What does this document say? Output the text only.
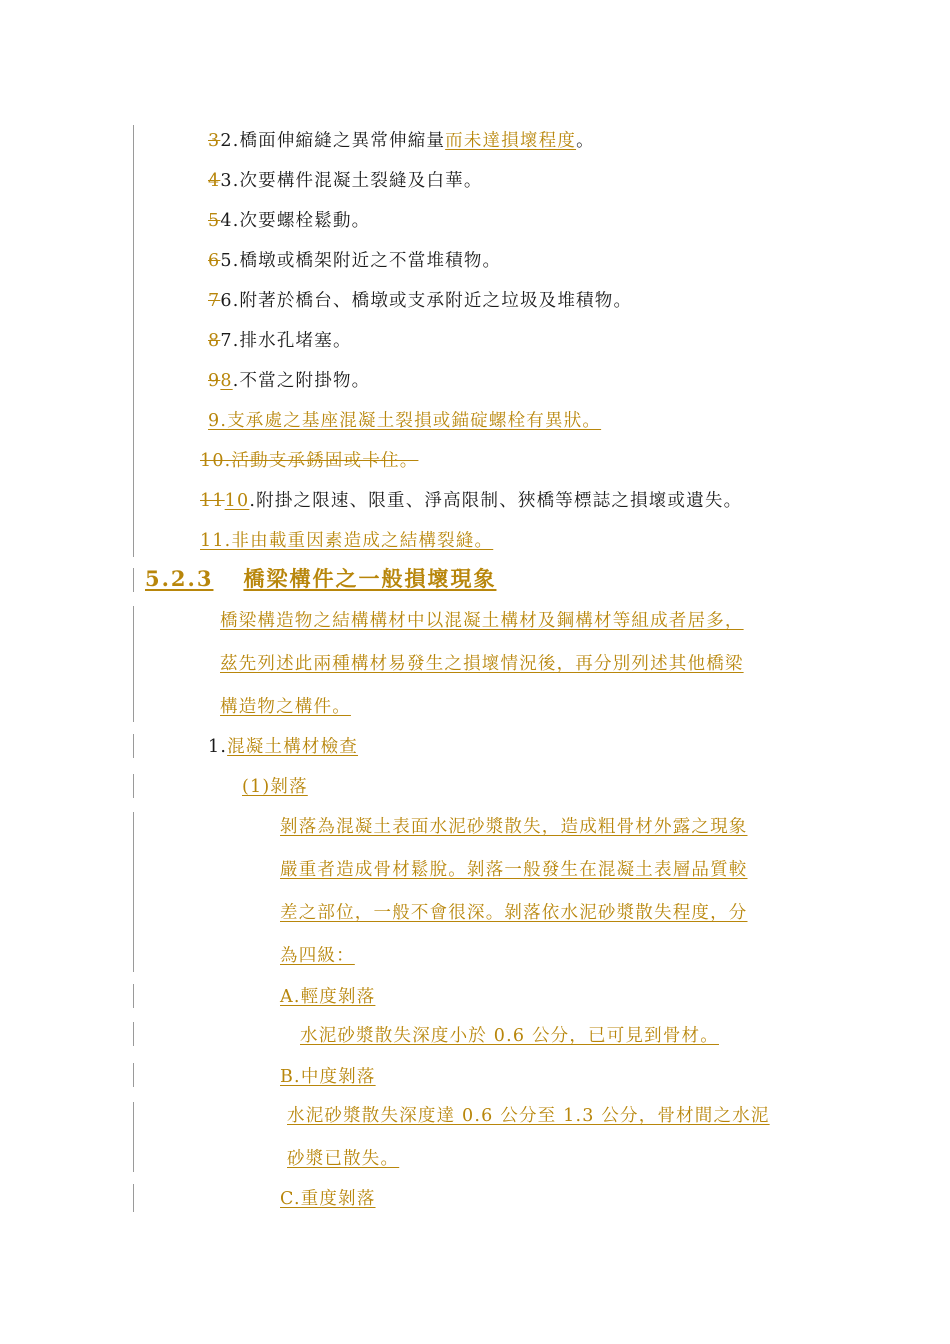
32.橋面伸縮縫之異常伸縮量而未達損壞程度。
43.次要構件混凝土裂縫及白華。
54.次要螺栓鬆動。
65.橋墩或橋架附近之不當堆積物。
76.附著於橋台、橋墩或支承附近之垃圾及堆積物。
87.排水孔堵塞。
98.不當之附掛物。
9.支承處之基座混凝土裂損或錨碇螺栓有異狀。
10.活動支承銹固或卡住。
1110.附掛之限速、限重、淨高限制、狹橋等標誌之損壞或遺失。
11.非由載重因素造成之結構裂縫。
5.2.3 橋梁構件之一般損壞現象
橋梁構造物之結構構材中以混凝土構材及鋼構材等組成者居多，
茲先列述此兩種構材易發生之損壞情況後，再分別列述其他橋梁
構造物之構件。
1.混凝土構材檢查
(1)剝落
剝落為混凝土表面水泥砂漿散失，造成粗骨材外露之現象
嚴重者造成骨材鬆脫。剝落一般發生在混凝土表層品質較
差之部位，一般不會很深。剝落依水泥砂漿散失程度，分
為四級：
A.輕度剝落
水泥砂漿散失深度小於 0.6 公分，已可見到骨材。
B.中度剝落
水泥砂漿散失深度達 0.6 公分至 1.3 公分，骨材間之水泥
砂漿已散失。
C.重度剝落
